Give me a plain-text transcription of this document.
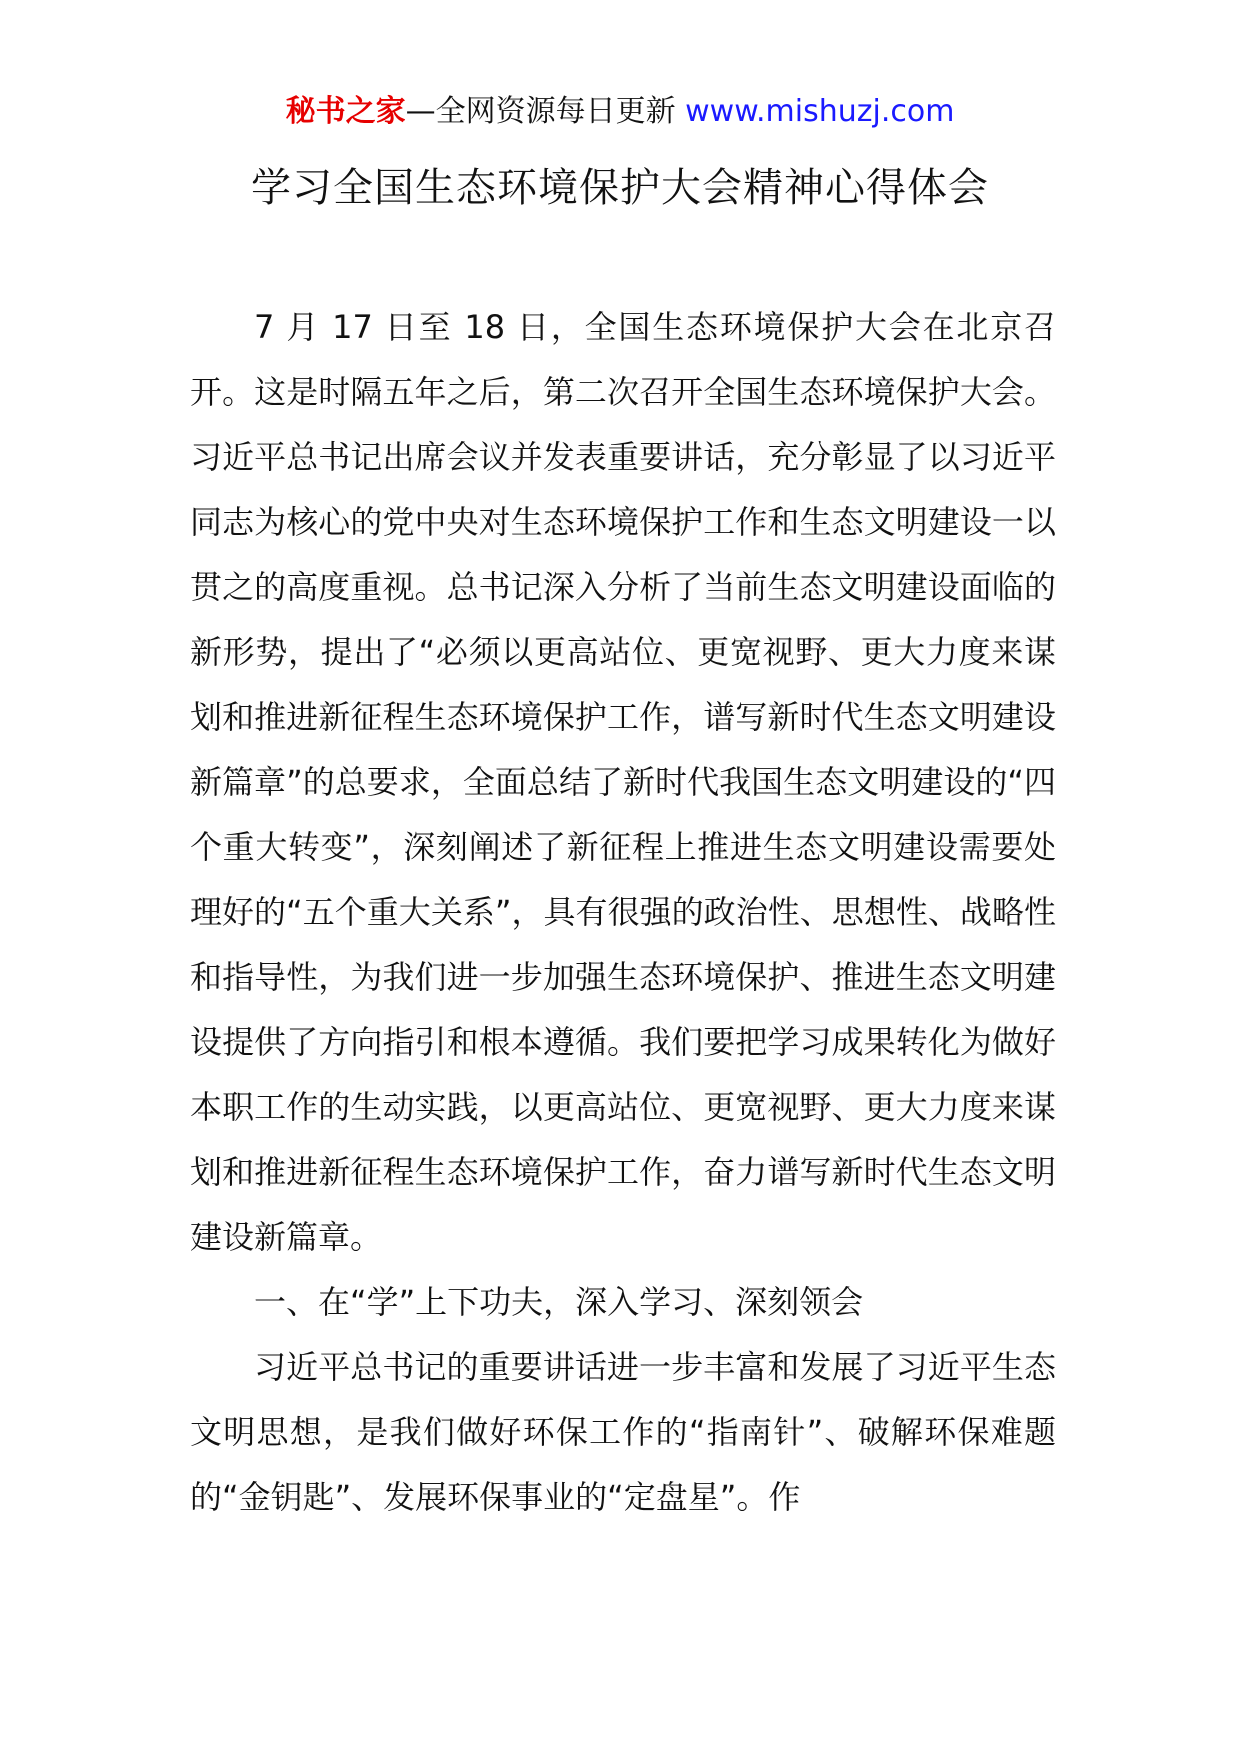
秘书之家—全网资源每日更新 www.mishuzj.com
学习全国生态环境保护大会精神心得体会

7 月 17 日至 18 日，全国生态环境保护大会在北京召开。这是时隔五年之后，第二次召开全国生态环境保护大会。习近平总书记出席会议并发表重要讲话，充分彰显了以习近平同志为核心的党中央对生态环境保护工作和生态文明建设一以贯之的高度重视。总书记深入分析了当前生态文明建设面临的新形势，提出了“必须以更高站位、更宽视野、更大力度来谋划和推进新征程生态环境保护工作，谱写新时代生态文明建设新篇章”的总要求，全面总结了新时代我国生态文明建设的“四个重大转变”，深刻阐述了新征程上推进生态文明建设需要处理好的“五个重大关系”，具有很强的政治性、思想性、战略性和指导性，为我们进一步加强生态环境保护、推进生态文明建设提供了方向指引和根本遵循。我们要把学习成果转化为做好本职工作的生动实践，以更高站位、更宽视野、更大力度来谋划和推进新征程生态环境保护工作，奋力谱写新时代生态文明建设新篇章。

一、在“学”上下功夫，深入学习、深刻领会

习近平总书记的重要讲话进一步丰富和发展了习近平生态文明思想，是我们做好环保工作的“指南针”、破解环保难题的“金钥匙”、发展环保事业的“定盘星”。作
